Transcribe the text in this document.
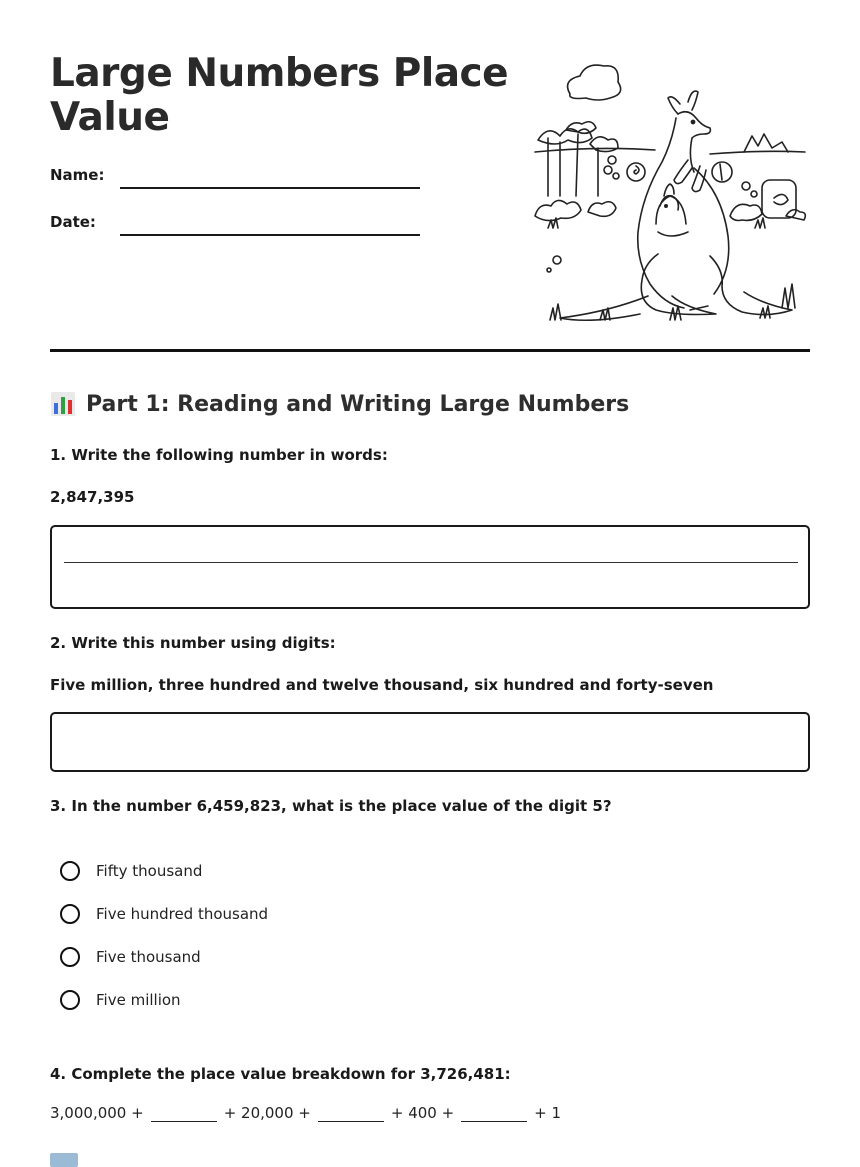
Large Numbers Place Value
Name:
Date:
Part 1: Reading and Writing Large Numbers
1. Write the following number in words:
2,847,395
2. Write this number using digits:
Five million, three hundred and twelve thousand, six hundred and forty-seven
3. In the number 6,459,823, what is the place value of the digit 5?
Fifty thousand
Five hundred thousand
Five thousand
Five million
4. Complete the place value breakdown for 3,726,481:
3,000,000 +	+ 20,000 +	+ 400 +	+ 1
